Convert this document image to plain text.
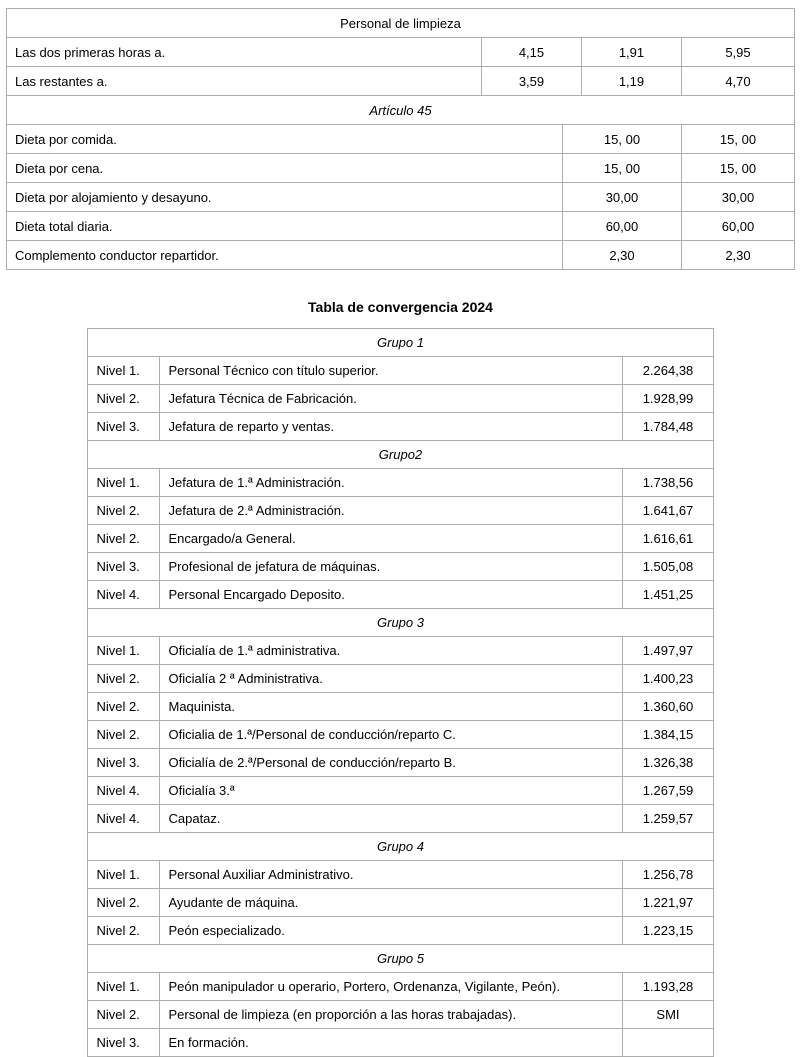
Personal de limpieza				
Las dos primeras horas a.	4,15		1,91	5,95
Las restantes a.	3,59		1,19	4,70
Artículo 45				
Dieta por comida.		15, 00		15, 00
Dieta por cena.		15, 00		15, 00
Dieta por alojamiento y desayuno.		30,00		30,00
Dieta total diaria.		60,00		60,00
Complemento conductor repartidor.		2,30		2,30
Tabla de convergencia 2024
Grupo 1		
Nivel 1.	Personal Técnico con título superior.	2.264,38
Nivel 2.	Jefatura Técnica de Fabricación.	1.928,99
Nivel 3.	Jefatura de reparto y ventas.	1.784,48
Grupo2		
Nivel 1.	Jefatura de 1.ª Administración.	1.738,56
Nivel 2.	Jefatura de 2.ª Administración.	1.641,67
Nivel 2.	Encargado/a General.	1.616,61
Nivel 3.	Profesional de jefatura de máquinas.	1.505,08
Nivel 4.	Personal Encargado Deposito.	1.451,25
Grupo 3		
Nivel 1.	Oficialía de 1.ª administrativa.	1.497,97
Nivel 2.	Oficialía 2 ª Administrativa.	1.400,23
Nivel 2.	Maquinista.	1.360,60
Nivel 2.	Oficialia de 1.ª/Personal de conducción/reparto C.	1.384,15
Nivel 3.	Oficialía de 2.ª/Personal de conducción/reparto B.	1.326,38
Nivel 4.	Oficialía 3.ª	1.267,59
Nivel 4.	Capataz.	1.259,57
Grupo 4		
Nivel 1.	Personal Auxiliar Administrativo.	1.256,78
Nivel 2.	Ayudante de máquina.	1.221,97
Nivel 2.	Peón especializado.	1.223,15
Grupo 5		
Nivel 1.	Peón manipulador u operario, Portero, Ordenanza, Vigilante, Peón).	1.193,28
Nivel 2.	Personal de limpieza (en proporción a las horas trabajadas).	SMI
Nivel 3.	En formación.	
